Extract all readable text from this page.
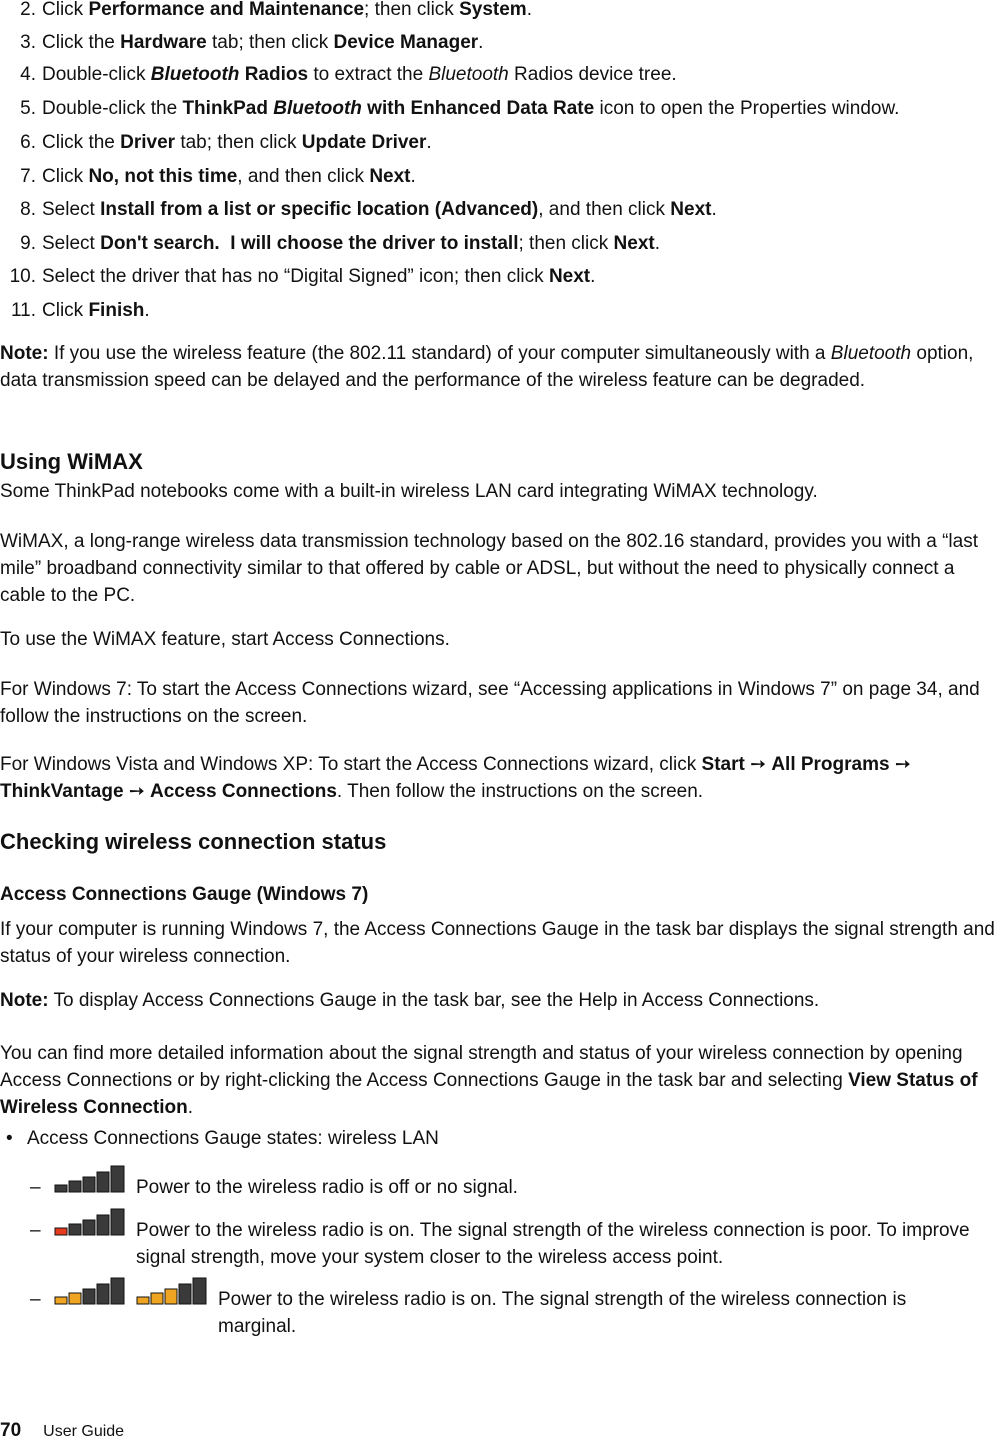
2. Click Performance and Maintenance; then click System.
3. Click the Hardware tab; then click Device Manager.
4. Double-click Bluetooth Radios to extract the Bluetooth Radios device tree.
5. Double-click the ThinkPad Bluetooth with Enhanced Data Rate icon to open the Properties window.
6. Click the Driver tab; then click Update Driver.
7. Click No, not this time, and then click Next.
8. Select Install from a list or specific location (Advanced), and then click Next.
9. Select Don't search.  I will choose the driver to install; then click Next.
10. Select the driver that has no “Digital Signed” icon; then click Next.
11. Click Finish.

Note: If you use the wireless feature (the 802.11 standard) of your computer simultaneously with a Bluetooth option, data transmission speed can be delayed and the performance of the wireless feature can be degraded.

Using WiMAX

Some ThinkPad notebooks come with a built-in wireless LAN card integrating WiMAX technology.

WiMAX, a long-range wireless data transmission technology based on the 802.16 standard, provides you with a “last mile” broadband connectivity similar to that offered by cable or ADSL, but without the need to physically connect a cable to the PC.

To use the WiMAX feature, start Access Connections.

For Windows 7: To start the Access Connections wizard, see “Accessing applications in Windows 7” on page 34, and follow the instructions on the screen.

For Windows Vista and Windows XP: To start the Access Connections wizard, click Start ➙ All Programs ➙
ThinkVantage ➙ Access Connections. Then follow the instructions on the screen.

Checking wireless connection status
Access Connections Gauge (Windows 7)

If your computer is running Windows 7, the Access Connections Gauge in the task bar displays the signal strength and status of your wireless connection.

Note: To display Access Connections Gauge in the task bar, see the Help in Access Connections.

You can find more detailed information about the signal strength and status of your wireless connection by opening Access Connections or by right-clicking the Access Connections Gauge in the task bar and selecting View Status of Wireless Connection.

• Access Connections Gauge states: wireless LAN
–	Power to the wireless radio is off or no signal.
–	Power to the wireless radio is on. The signal strength of the wireless connection is poor. To improve signal strength, move your system closer to the wireless access point.
–	Power to the wireless radio is on. The signal strength of the wireless connection is marginal.
70 User Guide
